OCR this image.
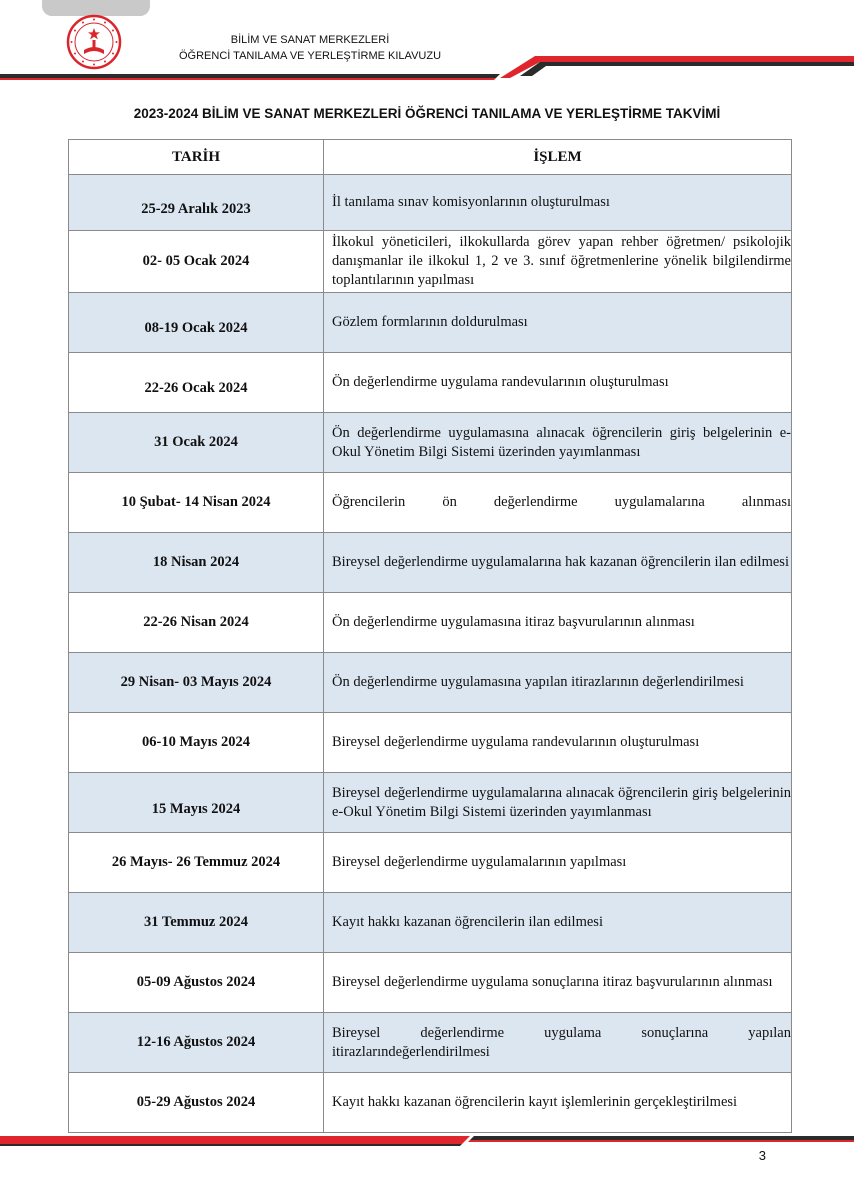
BİLİM VE SANAT MERKEZLERİ
ÖĞRENCİ TANILAMA VE YERLEŞTİRME KILAVUZU
2023-2024 BİLİM VE SANAT MERKEZLERİ ÖĞRENCİ TANILAMA VE YERLEŞTİRME TAKVİMİ
TARİH	İŞLEM
25-29 Aralık 2023	İl tanılama sınav komisyonlarının oluşturulması
02- 05 Ocak 2024	İlkokul yöneticileri, ilkokullarda görev yapan rehber öğretmen/ psikolojik danışmanlar ile ilkokul 1, 2 ve 3. sınıf öğretmenlerine yönelik bilgilendirme toplantılarının yapılması
08-19 Ocak 2024	Gözlem formlarının doldurulması
22-26 Ocak 2024	Ön değerlendirme uygulama randevularının oluşturulması
31 Ocak 2024	Ön değerlendirme uygulamasına alınacak öğrencilerin giriş belgelerinin e-Okul Yönetim Bilgi Sistemi üzerinden yayımlanması
10 Şubat- 14 Nisan 2024	Öğrencilerin ön değerlendirme uygulamalarına alınması
18 Nisan 2024	Bireysel değerlendirme uygulamalarına hak kazanan öğrencilerin ilan edilmesi
22-26 Nisan 2024	Ön değerlendirme uygulamasına itiraz başvurularının alınması
29 Nisan- 03 Mayıs 2024	Ön değerlendirme uygulamasına yapılan itirazlarının değerlendirilmesi
06-10 Mayıs 2024	Bireysel değerlendirme uygulama randevularının oluşturulması
15 Mayıs 2024	Bireysel değerlendirme uygulamalarına alınacak öğrencilerin giriş belgelerinin e-Okul Yönetim Bilgi Sistemi üzerinden yayımlanması
26 Mayıs- 26 Temmuz 2024	Bireysel değerlendirme uygulamalarının yapılması
31 Temmuz 2024	Kayıt hakkı kazanan öğrencilerin ilan edilmesi
05-09 Ağustos 2024	Bireysel değerlendirme uygulama sonuçlarına itiraz başvurularının alınması
12-16 Ağustos 2024	Bireysel değerlendirme uygulama sonuçlarına yapılan itirazlarındeğerlendirilmesi
05-29 Ağustos 2024	Kayıt hakkı kazanan öğrencilerin kayıt işlemlerinin gerçekleştirilmesi
3
